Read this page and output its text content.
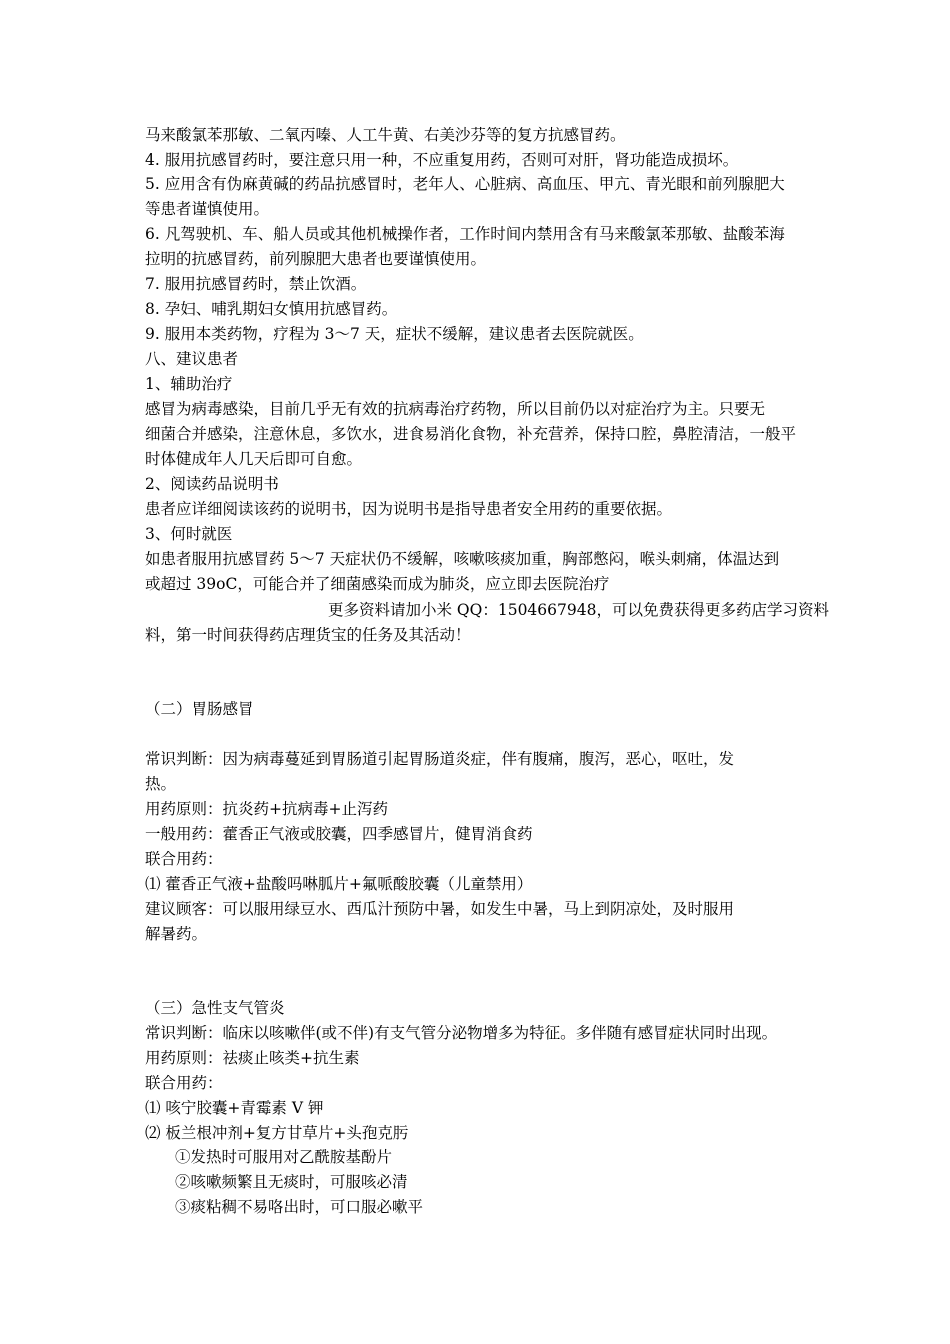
马来酸氯苯那敏、二氧丙嗪、人工牛黄、右美沙芬等的复方抗感冒药。
4. 服用抗感冒药时，要注意只用一种，不应重复用药，否则可对肝，肾功能造成损坏。
5. 应用含有伪麻黄碱的药品抗感冒时，老年人、心脏病、高血压、甲亢、青光眼和前列腺肥大
等患者谨慎使用。
6. 凡驾驶机、车、船人员或其他机械操作者，工作时间内禁用含有马来酸氯苯那敏、盐酸苯海
拉明的抗感冒药，前列腺肥大患者也要谨慎使用。
7. 服用抗感冒药时，禁止饮酒。
8. 孕妇、哺乳期妇女慎用抗感冒药。
9. 服用本类药物，疗程为 3～7 天，症状不缓解，建议患者去医院就医。
八、建议患者
1、辅助治疗
感冒为病毒感染，目前几乎无有效的抗病毒治疗药物，所以目前仍以对症治疗为主。只要无
细菌合并感染，注意休息，多饮水，进食易消化食物，补充营养，保持口腔，鼻腔清洁，一般平
时体健成年人几天后即可自愈。
2、阅读药品说明书
患者应详细阅读该药的说明书，因为说明书是指导患者安全用药的重要依据。
3、何时就医
如患者服用抗感冒药 5～7 天症状仍不缓解，咳嗽咳痰加重，胸部憋闷，喉头刺痛，体温达到
或超过 39oC，可能合并了细菌感染而成为肺炎，应立即去医院治疗
更多资料请加小米 QQ：1504667948，可以免费获得更多药店学习资料
料，第一时间获得药店理货宝的任务及其活动！
（二）胃肠感冒
常识判断：因为病毒蔓延到胃肠道引起胃肠道炎症，伴有腹痛，腹泻，恶心，呕吐，发
热。
用药原则：抗炎药+抗病毒+止泻药
一般用药：藿香正气液或胶囊，四季感冒片，健胃消食药
联合用药：
⑴ 藿香正气液+盐酸吗啉胍片+氟哌酸胶囊（儿童禁用）
建议顾客：可以服用绿豆水、西瓜汁预防中暑，如发生中暑，马上到阴凉处，及时服用
解暑药。
（三）急性支气管炎
常识判断：临床以咳嗽伴(或不伴)有支气管分泌物增多为特征。多伴随有感冒症状同时出现。
用药原则：祛痰止咳类+抗生素
联合用药：
⑴ 咳宁胶囊+青霉素 V 钾
⑵ 板兰根冲剂+复方甘草片+头孢克肟
①发热时可服用对乙酰胺基酚片
②咳嗽频繁且无痰时，可服咳必清
③痰粘稠不易咯出时，可口服必嗽平
